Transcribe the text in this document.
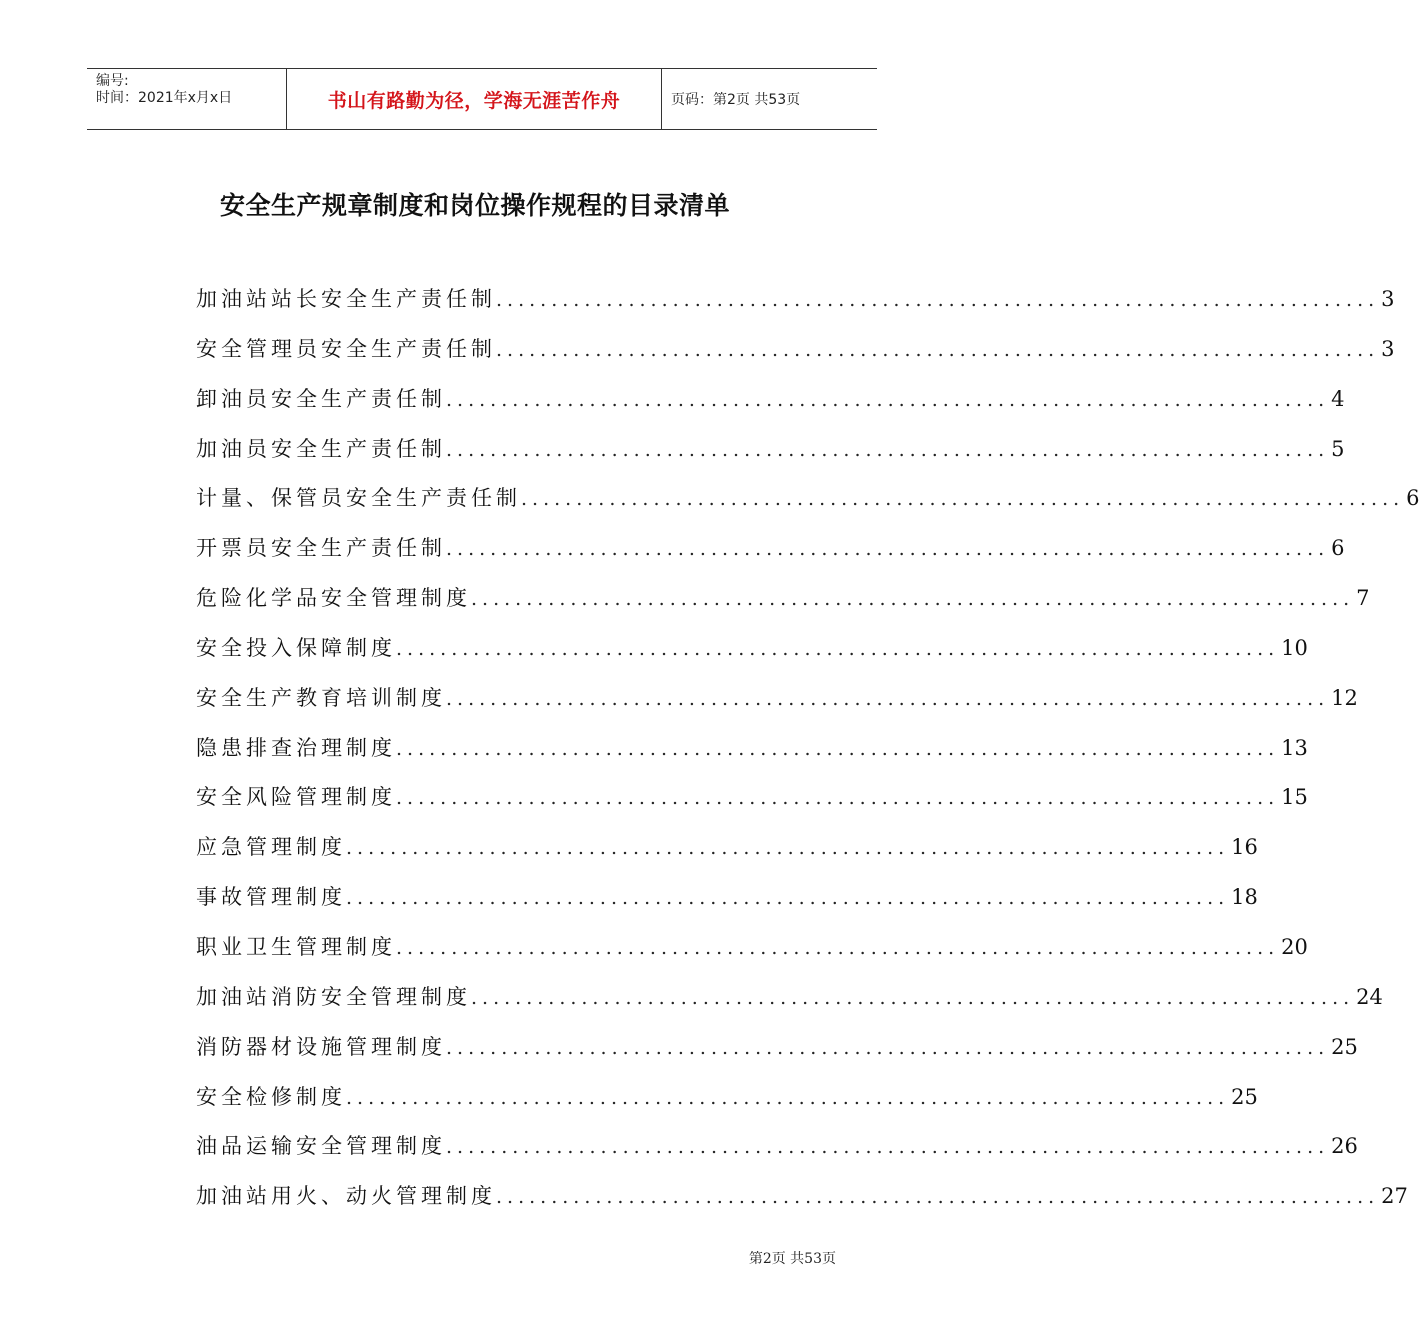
编号:
时间：2021年x月x日	书山有路勤为径，学海无涯苦作舟	页码：第2页 共53页
安全生产规章制度和岗位操作规程的目录清单
加油站站长安全生产责任制 ................................................................................ 3
安全管理员安全生产责任制 ................................................................................ 3
卸油员安全生产责任制 ................................................................................ 4
加油员安全生产责任制 ................................................................................ 5
计量、保管员安全生产责任制 ................................................................................ 6
开票员安全生产责任制 ................................................................................ 6
危险化学品安全管理制度 ................................................................................ 7
安全投入保障制度 ................................................................................ 10
安全生产教育培训制度 ................................................................................ 12
隐患排查治理制度 ................................................................................ 13
安全风险管理制度 ................................................................................ 15
应急管理制度 ................................................................................ 16
事故管理制度 ................................................................................ 18
职业卫生管理制度 ................................................................................ 20
加油站消防安全管理制度 ................................................................................ 24
消防器材设施管理制度 ................................................................................ 25
安全检修制度 ................................................................................ 25
油品运输安全管理制度 ................................................................................ 26
加油站用火、动火管理制度 ................................................................................ 27
第2页 共53页
